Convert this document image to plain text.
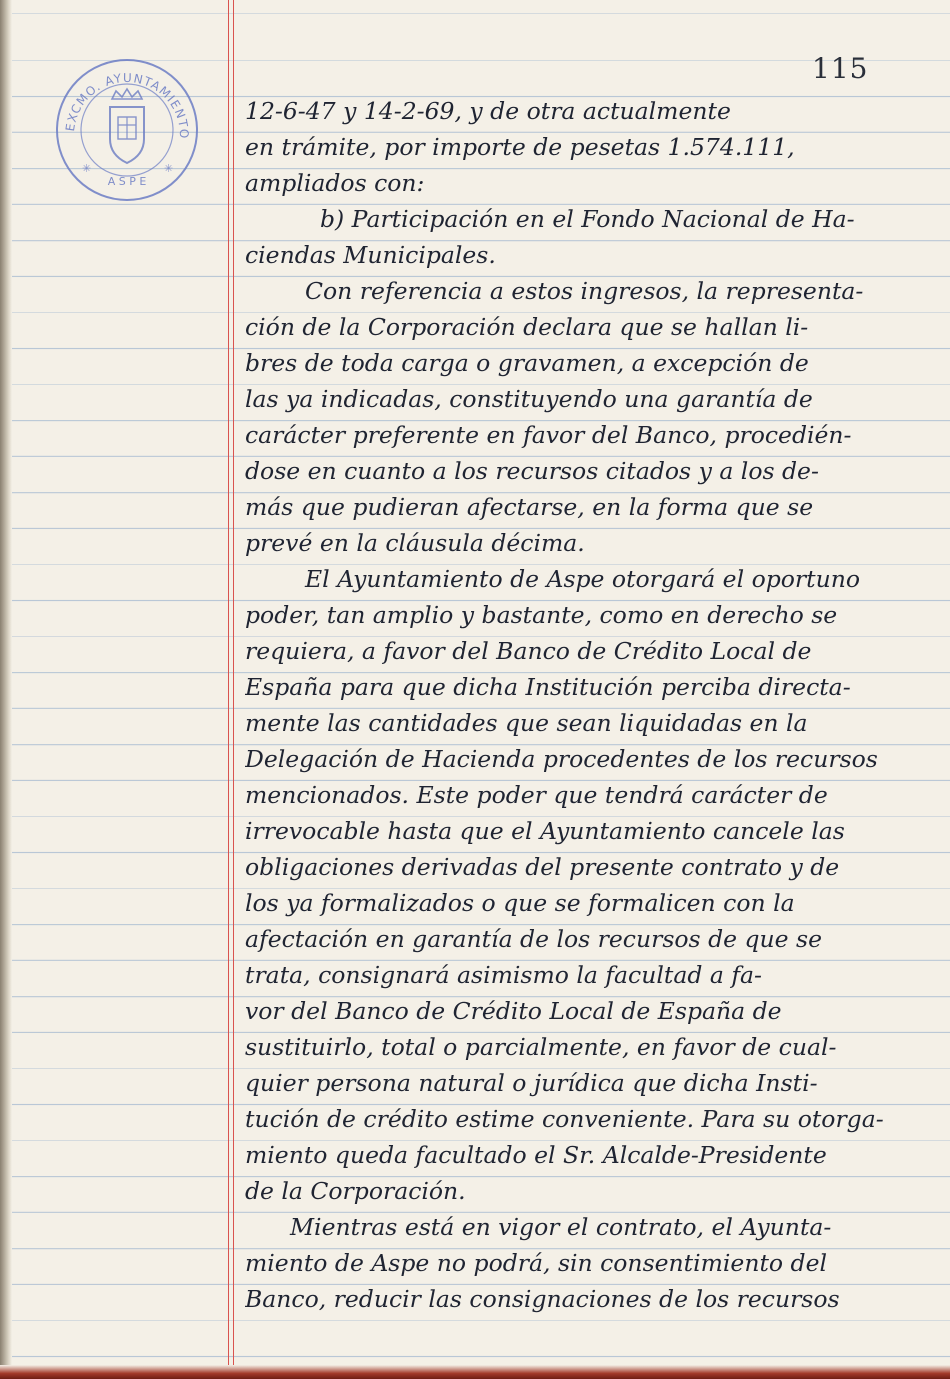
EXCMO. AYUNTAMIENTO
A S P E
✳	✳
115
12-6-47 y 14-2-69, y de otra actualmente
en trámite, por importe de pesetas 1.574.111,
ampliados con:
b) Participación en el Fondo Nacional de Ha-
ciendas Municipales.
Con referencia a estos ingresos, la representa-
ción de la Corporación declara que se hallan li-
bres de toda carga o gravamen, a excepción de
las ya indicadas, constituyendo una garantía de
carácter preferente en favor del Banco, procedién-
dose en cuanto a los recursos citados y a los de-
más que pudieran afectarse, en la forma que se
prevé en la cláusula décima.
El Ayuntamiento de Aspe otorgará el oportuno
poder, tan amplio y bastante, como en derecho se
requiera, a favor del Banco de Crédito Local de
España para que dicha Institución perciba directa-
mente las cantidades que sean liquidadas en la
Delegación de Hacienda procedentes de los recursos
mencionados. Este poder que tendrá carácter de
irrevocable hasta que el Ayuntamiento cancele las
obligaciones derivadas del presente contrato y de
los ya formalizados o que se formalicen con la
afectación en garantía de los recursos de que se
trata, consignará asimismo la facultad a fa-
vor del Banco de Crédito Local de España de
sustituirlo, total o parcialmente, en favor de cual-
quier persona natural o jurídica que dicha Insti-
tución de crédito estime conveniente. Para su otorga-
miento queda facultado el Sr. Alcalde-Presidente
de la Corporación.
Mientras está en vigor el contrato, el Ayunta-
miento de Aspe no podrá, sin consentimiento del
Banco, reducir las consignaciones de los recursos
